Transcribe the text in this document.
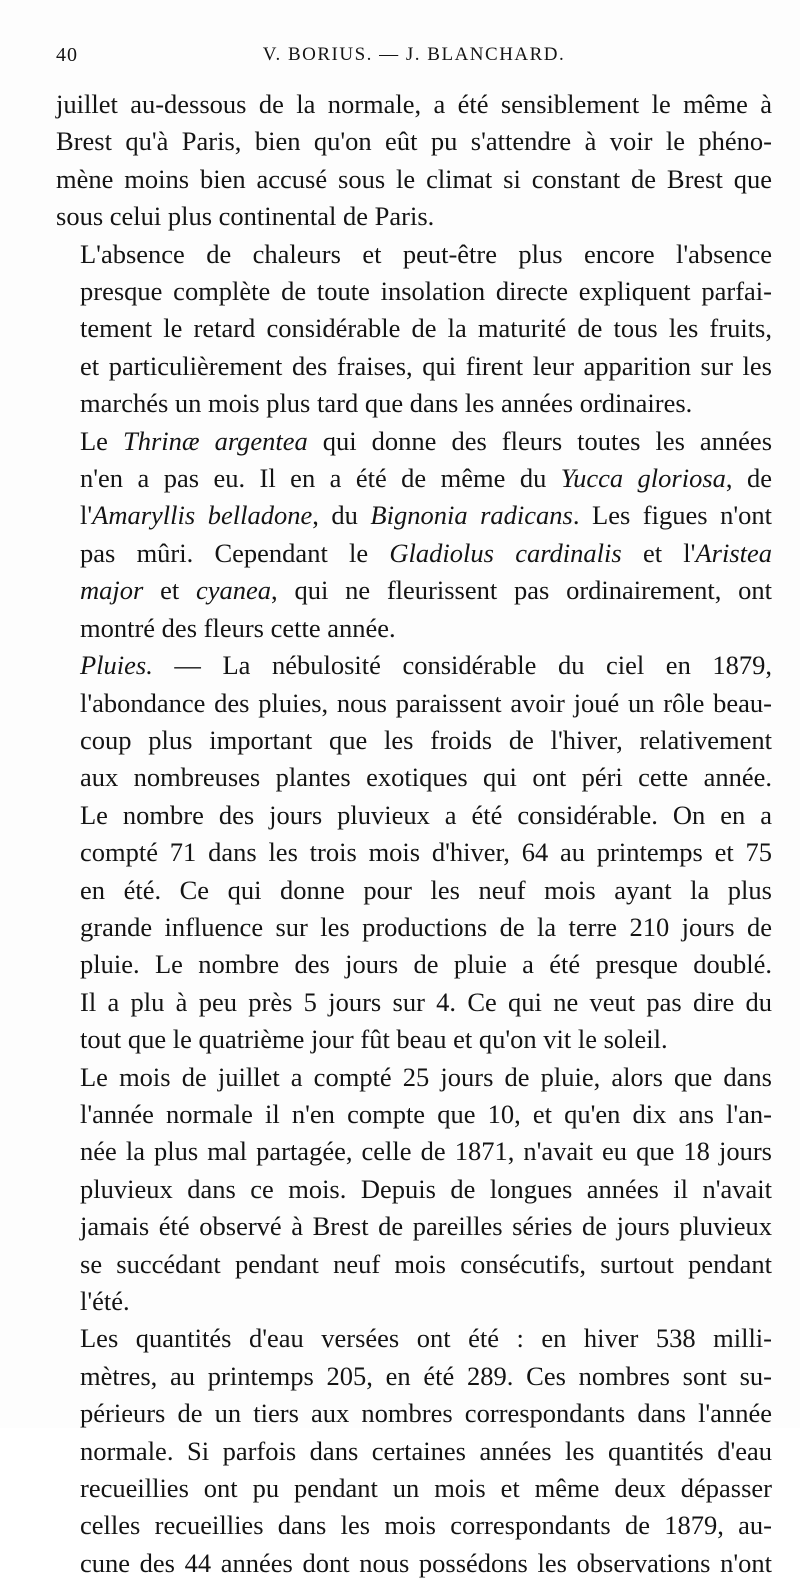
40	V. BORIUS. — J. BLANCHARD.

juillet au-dessous de la normale, a été sensiblement le même à
Brest qu'à Paris, bien qu'on eût pu s'attendre à voir le phéno-
mène moins bien accusé sous le climat si constant de Brest que
sous celui plus continental de Paris.

L'absence de chaleurs et peut-être plus encore l'absence
presque complète de toute insolation directe expliquent parfai-
tement le retard considérable de la maturité de tous les fruits,
et particulièrement des fraises, qui firent leur apparition sur les
marchés un mois plus tard que dans les années ordinaires.

Le Thrinæ argentea qui donne des fleurs toutes les années
n'en a pas eu. Il en a été de même du Yucca gloriosa, de
l'Amaryllis belladone, du Bignonia radicans. Les figues n'ont
pas mûri. Cependant le Gladiolus cardinalis et l'Aristea
major et cyanea, qui ne fleurissent pas ordinairement, ont
montré des fleurs cette année.

Pluies. — La nébulosité considérable du ciel en 1879,
l'abondance des pluies, nous paraissent avoir joué un rôle beau-
coup plus important que les froids de l'hiver, relativement
aux nombreuses plantes exotiques qui ont péri cette année.
Le nombre des jours pluvieux a été considérable. On en a
compté 71 dans les trois mois d'hiver, 64 au printemps et 75
en été. Ce qui donne pour les neuf mois ayant la plus
grande influence sur les productions de la terre 210 jours de
pluie. Le nombre des jours de pluie a été presque doublé.
Il a plu à peu près 5 jours sur 4. Ce qui ne veut pas dire du
tout que le quatrième jour fût beau et qu'on vit le soleil.

Le mois de juillet a compté 25 jours de pluie, alors que dans
l'année normale il n'en compte que 10, et qu'en dix ans l'an-
née la plus mal partagée, celle de 1871, n'avait eu que 18 jours
pluvieux dans ce mois. Depuis de longues années il n'avait
jamais été observé à Brest de pareilles séries de jours pluvieux
se succédant pendant neuf mois consécutifs, surtout pendant
l'été.

Les quantités d'eau versées ont été : en hiver 538 milli-
mètres, au printemps 205, en été 289. Ces nombres sont su-
périeurs de un tiers aux nombres correspondants dans l'année
normale. Si parfois dans certaines années les quantités d'eau
recueillies ont pu pendant un mois et même deux dépasser
celles recueillies dans les mois correspondants de 1879, au-
cune des 44 années dont nous possédons les observations n'ont
